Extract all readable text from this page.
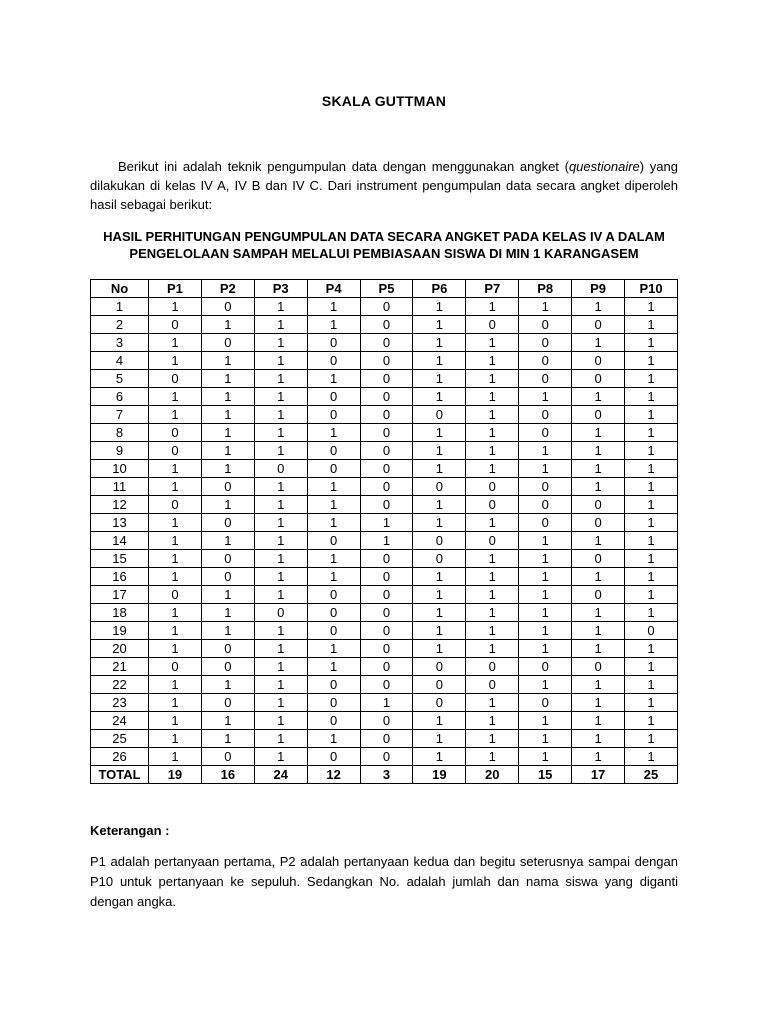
SKALA GUTTMAN

Berikut ini adalah teknik pengumpulan data dengan menggunakan angket (questionaire) yang dilakukan di kelas IV A, IV B dan IV C. Dari instrument pengumpulan data secara angket diperoleh hasil sebagai berikut:

HASIL PERHITUNGAN PENGUMPULAN DATA SECARA ANGKET PADA KELAS IV A DALAM PENGELOLAAN SAMPAH MELALUI PEMBIASAAN SISWA DI MIN 1 KARANGASEM
No	P1	P2	P3	P4	P5	P6	P7	P8	P9	P10
1	1	0	1	1	0	1	1	1	1	1
2	0	1	1	1	0	1	0	0	0	1
3	1	0	1	0	0	1	1	0	1	1
4	1	1	1	0	0	1	1	0	0	1
5	0	1	1	1	0	1	1	0	0	1
6	1	1	1	0	0	1	1	1	1	1
7	1	1	1	0	0	0	1	0	0	1
8	0	1	1	1	0	1	1	0	1	1
9	0	1	1	0	0	1	1	1	1	1
10	1	1	0	0	0	1	1	1	1	1
11	1	0	1	1	0	0	0	0	1	1
12	0	1	1	1	0	1	0	0	0	1
13	1	0	1	1	1	1	1	0	0	1
14	1	1	1	0	1	0	0	1	1	1
15	1	0	1	1	0	0	1	1	0	1
16	1	0	1	1	0	1	1	1	1	1
17	0	1	1	0	0	1	1	1	0	1
18	1	1	0	0	0	1	1	1	1	1
19	1	1	1	0	0	1	1	1	1	0
20	1	0	1	1	0	1	1	1	1	1
21	0	0	1	1	0	0	0	0	0	1
22	1	1	1	0	0	0	0	1	1	1
23	1	0	1	0	1	0	1	0	1	1
24	1	1	1	0	0	1	1	1	1	1
25	1	1	1	1	0	1	1	1	1	1
26	1	0	1	0	0	1	1	1	1	1
TOTAL	19	16	24	12	3	19	20	15	17	25
Keterangan :

P1 adalah pertanyaan pertama, P2 adalah pertanyaan kedua dan begitu seterusnya sampai dengan P10 untuk pertanyaan ke sepuluh. Sedangkan No. adalah jumlah dan nama siswa yang diganti dengan angka.
